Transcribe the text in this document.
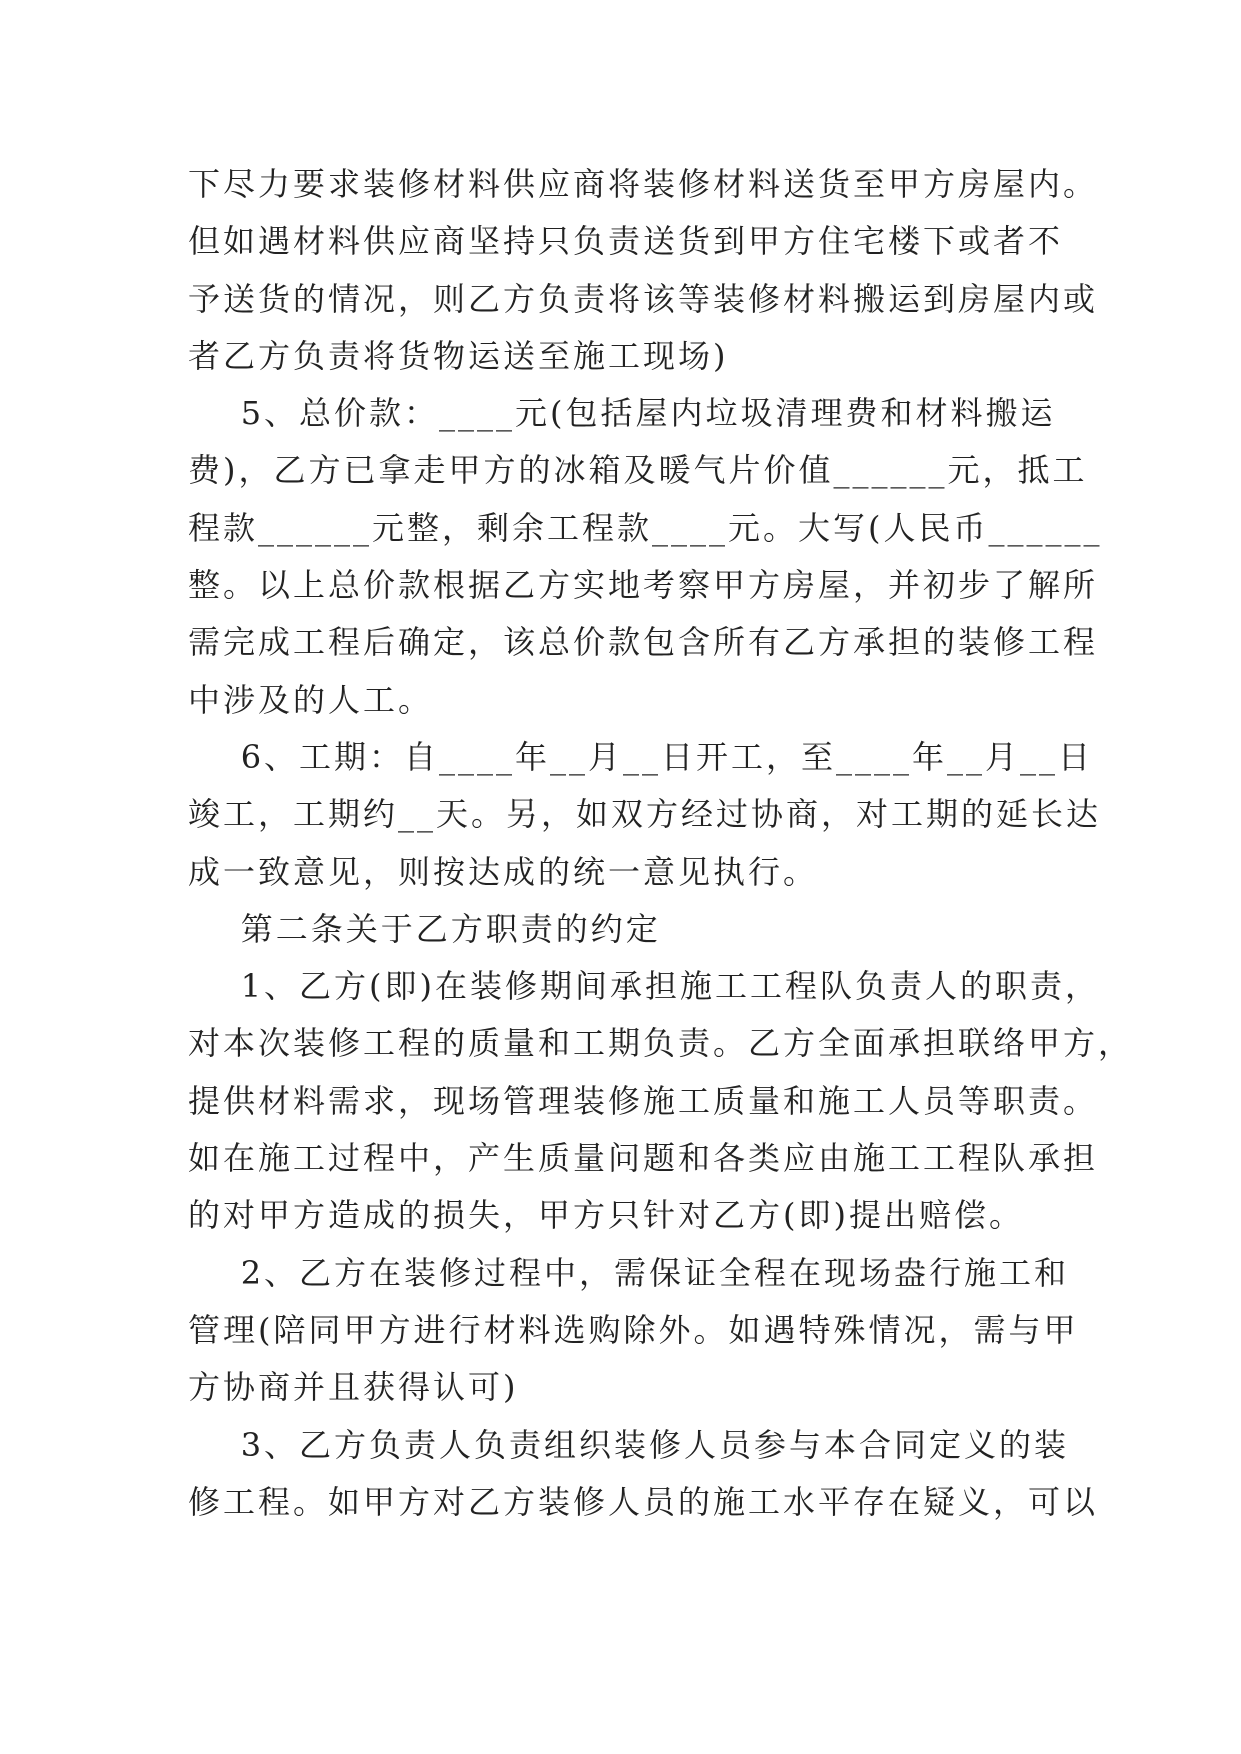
下尽力要求装修材料供应商将装修材料送货至甲方房屋内。
但如遇材料供应商坚持只负责送货到甲方住宅楼下或者不
予送货的情况，则乙方负责将该等装修材料搬运到房屋内或
者乙方负责将货物运送至施工现场)
5、总价款：____元(包括屋内垃圾清理费和材料搬运
费)，乙方已拿走甲方的冰箱及暖气片价值______元，抵工
程款______元整，剩余工程款____元。大写(人民币______
整。以上总价款根据乙方实地考察甲方房屋，并初步了解所
需完成工程后确定，该总价款包含所有乙方承担的装修工程
中涉及的人工。
6、工期：自____年__月__日开工，至____年__月__日
竣工，工期约__天。另，如双方经过协商，对工期的延长达
成一致意见，则按达成的统一意见执行。
第二条关于乙方职责的约定
1、乙方(即)在装修期间承担施工工程队负责人的职责，
对本次装修工程的质量和工期负责。乙方全面承担联络甲方，
提供材料需求，现场管理装修施工质量和施工人员等职责。
如在施工过程中，产生质量问题和各类应由施工工程队承担
的对甲方造成的损失，甲方只针对乙方(即)提出赔偿。
2、乙方在装修过程中，需保证全程在现场盎行施工和
管理(陪同甲方进行材料选购除外。如遇特殊情况，需与甲
方协商并且获得认可)
3、乙方负责人负责组织装修人员参与本合同定义的装
修工程。如甲方对乙方装修人员的施工水平存在疑义，可以
